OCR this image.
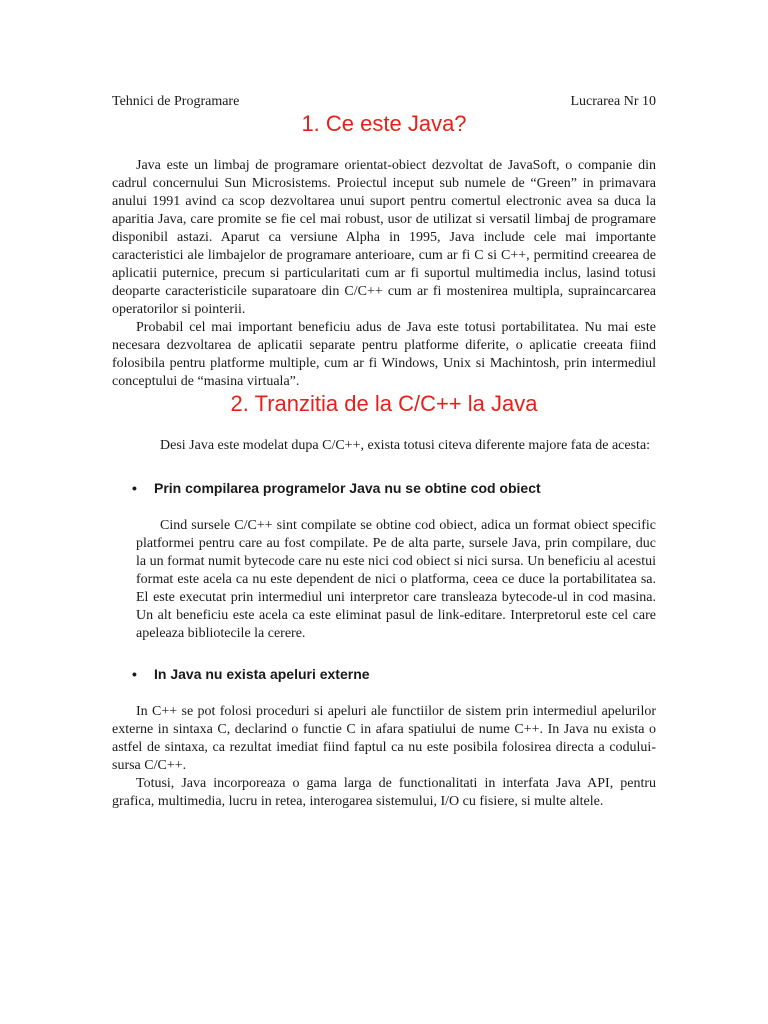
Tehnici de Programare	Lucrarea Nr 10
1. Ce este Java?

Java este un limbaj de programare orientat-obiect dezvoltat de JavaSoft, o companie din cadrul concernului Sun Microsistems. Proiectul inceput sub numele de “Green” in primavara anului 1991 avind ca scop dezvoltarea unui suport pentru comertul electronic avea sa duca la aparitia Java, care promite se fie cel mai robust, usor de utilizat si versatil limbaj de programare disponibil astazi. Aparut ca versiune Alpha in 1995, Java include cele mai importante caracteristici ale limbajelor de programare anterioare, cum ar fi C si C++, permitind creearea de aplicatii puternice, precum si particularitati cum ar fi suportul multimedia inclus, lasind totusi deoparte caracteristicile suparatoare din C/C++ cum ar fi mostenirea multipla, supraincarcarea operatorilor si pointerii.

Probabil cel mai important beneficiu adus de Java este totusi portabilitatea. Nu mai este necesara dezvoltarea de aplicatii separate pentru platforme diferite, o aplicatie creeata fiind folosibila pentru platforme multiple, cum ar fi Windows, Unix si Machintosh, prin intermediul conceptului de “masina virtuala”.

2. Tranzitia de la C/C++ la Java

Desi Java este modelat dupa C/C++, exista totusi citeva diferente majore fata de acesta:

•	Prin compilarea programelor Java nu se obtine cod obiect

Cind sursele C/C++ sint compilate se obtine cod obiect, adica un format obiect specific platformei pentru care au fost compilate. Pe de alta parte, sursele Java, prin compilare, duc la un format numit bytecode care nu este nici cod obiect si nici sursa. Un beneficiu al acestui format este acela ca nu este dependent de nici o platforma, ceea ce duce la portabilitatea sa. El este executat prin intermediul uni interpretor care transleaza bytecode-ul in cod masina. Un alt beneficiu este acela ca este eliminat pasul de link-editare. Interpretorul este cel care apeleaza bibliotecile la cerere.

•	In Java nu exista apeluri externe

In C++ se pot folosi proceduri si apeluri ale functiilor de sistem prin intermediul apelurilor externe in sintaxa C, declarind o functie C in afara spatiului de nume C++. In Java nu exista o astfel de sintaxa, ca rezultat imediat fiind faptul ca nu este posibila folosirea directa a codului-sursa C/C++.

Totusi, Java incorporeaza o gama larga de functionalitati in interfata Java API, pentru grafica, multimedia, lucru in retea, interogarea sistemului, I/O cu fisiere, si multe altele.
